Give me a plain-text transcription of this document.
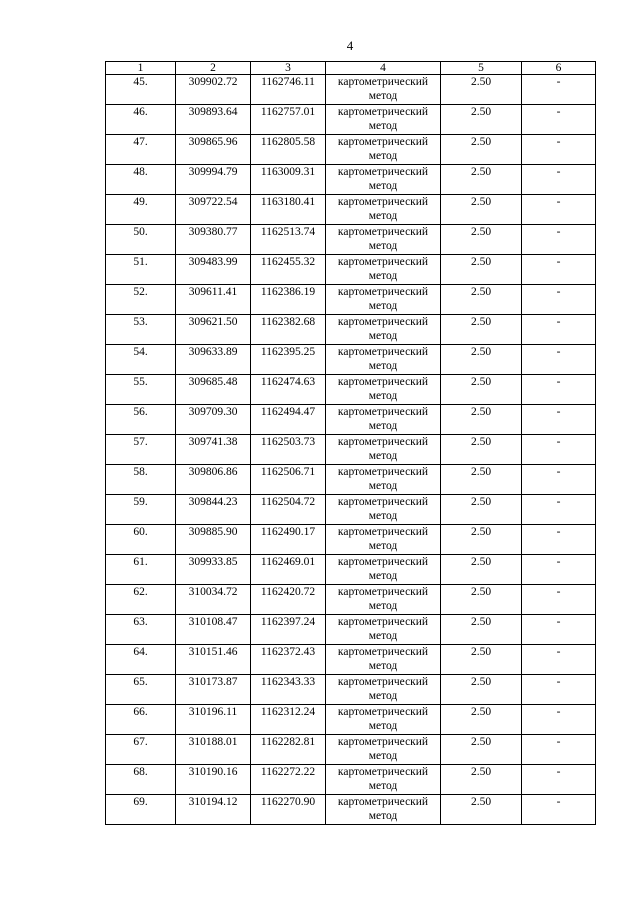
4
1	2	3	4	5	6
45.	309902.72	1162746.11	картометрический метод	2.50	-
46.	309893.64	1162757.01	картометрический метод	2.50	-
47.	309865.96	1162805.58	картометрический метод	2.50	-
48.	309994.79	1163009.31	картометрический метод	2.50	-
49.	309722.54	1163180.41	картометрический метод	2.50	-
50.	309380.77	1162513.74	картометрический метод	2.50	-
51.	309483.99	1162455.32	картометрический метод	2.50	-
52.	309611.41	1162386.19	картометрический метод	2.50	-
53.	309621.50	1162382.68	картометрический метод	2.50	-
54.	309633.89	1162395.25	картометрический метод	2.50	-
55.	309685.48	1162474.63	картометрический метод	2.50	-
56.	309709.30	1162494.47	картометрический метод	2.50	-
57.	309741.38	1162503.73	картометрический метод	2.50	-
58.	309806.86	1162506.71	картометрический метод	2.50	-
59.	309844.23	1162504.72	картометрический метод	2.50	-
60.	309885.90	1162490.17	картометрический метод	2.50	-
61.	309933.85	1162469.01	картометрический метод	2.50	-
62.	310034.72	1162420.72	картометрический метод	2.50	-
63.	310108.47	1162397.24	картометрический метод	2.50	-
64.	310151.46	1162372.43	картометрический метод	2.50	-
65.	310173.87	1162343.33	картометрический метод	2.50	-
66.	310196.11	1162312.24	картометрический метод	2.50	-
67.	310188.01	1162282.81	картометрический метод	2.50	-
68.	310190.16	1162272.22	картометрический метод	2.50	-
69.	310194.12	1162270.90	картометрический метод	2.50	-
